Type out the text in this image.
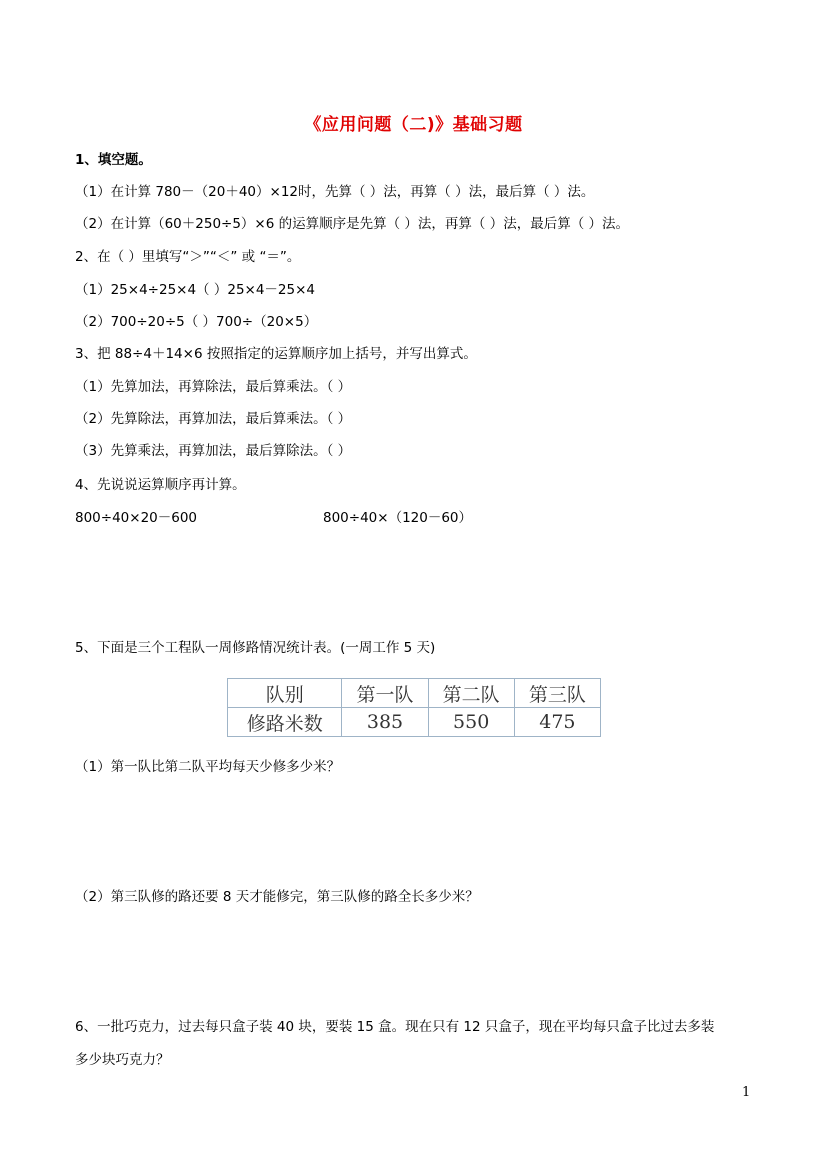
《应用问题（二)》基础习题
1、填空题。
（1）在计算 780－（20＋40）×12时，先算（ ）法，再算（ ）法，最后算（ ）法。
（2）在计算（60＋250÷5）×6 的运算顺序是先算（ ）法，再算（ ）法，最后算（ ）法。
2、在（ ）里填写“＞”“＜” 或 “＝”。
（1）25×4÷25×4（ ）25×4－25×4
（2）700÷20÷5（ ）700÷（20×5）
3、把 88÷4＋14×6 按照指定的运算顺序加上括号，并写出算式。
（1）先算加法，再算除法，最后算乘法。（ ）
（2）先算除法，再算加法，最后算乘法。（ ）
（3）先算乘法，再算加法，最后算除法。（ ）
4、先说说运算顺序再计算。
800÷40×20－600	800÷40×（120－60）
5、下面是三个工程队一周修路情况统计表。(一周工作 5 天)
队别	第一队	第二队	第三队
修路米数	385	550	475
（1）第一队比第二队平均每天少修多少米？
（2）第三队修的路还要 8 天才能修完，第三队修的路全长多少米？
6、一批巧克力，过去每只盒子装 40 块，要装 15 盒。现在只有 12 只盒子，现在平均每只盒子比过去多装
多少块巧克力？
1
